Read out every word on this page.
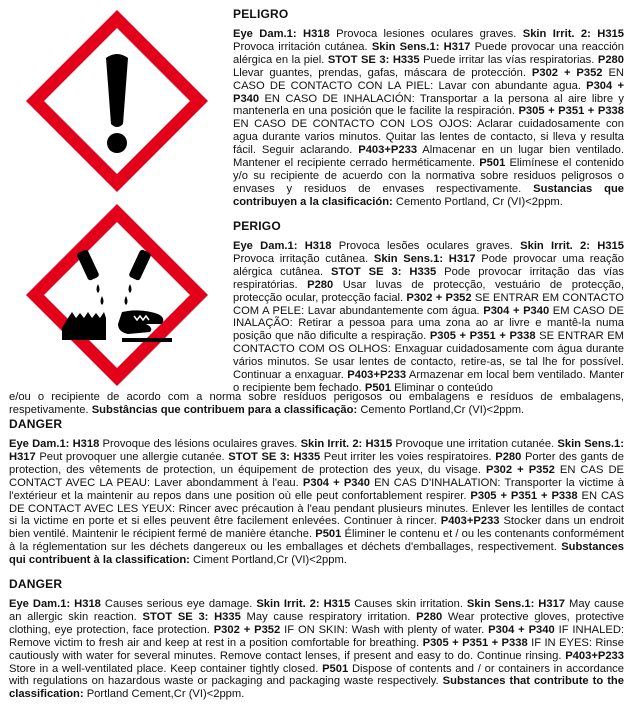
PELIGRO

Eye Dam.1: H318 Provoca lesiones oculares graves. Skin Irrit. 2: H315 Provoca irritación cutánea. Skin Sens.1: H317 Puede provocar una reacción alérgica en la piel. STOT SE 3: H335 Puede irritar las vías respiratorias. P280 Llevar guantes, prendas, gafas, máscara de protección. P302 + P352 EN CASO DE CONTACTO CON LA PIEL: Lavar con abundante agua. P304 + P340 EN CASO DE INHALACIÓN: Transportar a la persona al aire libre y mantenerla en una posición que le facilite la respiración. P305 + P351 + P338 EN CASO DE CONTACTO CON LOS OJOS: Aclarar cuidadosamente con agua durante varios minutos. Quitar las lentes de contacto, si lleva y resulta fácil. Seguir aclarando. P403+P233 Almacenar en un lugar bien ventilado. Mantener el recipiente cerrado herméticamente. P501 Elimínese el contenido y/o su recipiente de acuerdo con la normativa sobre residuos peligrosos o envases y residuos de envases respectivamente. Sustancias que contribuyen a la clasificación: Cemento Portland, Cr (VI)<2ppm.

PERIGO

Eye Dam.1: H318 Provoca lesões oculares graves. Skin Irrit. 2: H315 Provoca irritação cutânea. Skin Sens.1: H317 Pode provocar uma reação alérgica cutânea. STOT SE 3: H335 Pode provocar irritação das vías respiratórias. P280 Usar luvas de protecção, vestuário de protecção, protecção ocular, protecção facial. P302 + P352 SE ENTRAR EM CONTACTO COM A PELE: Lavar abundantemente com água. P304 + P340 EM CASO DE INALAÇÃO: Retirar a pessoa para uma zona ao ar livre e mantê-la numa posição que não dificulte a respiração. P305 + P351 + P338 SE ENTRAR EM CONTACTO COM OS OLHOS: Enxaguar cuidadosamente com água durante vários minutos. Se usar lentes de contacto, retire-as, se tal lhe for possível. Continuar a enxaguar. P403+P233 Armazenar em local bem ventilado. Manter o recipiente bem fechado. P501 Eliminar o conteúdo

e/ou o recipiente de acordo com a norma sobre resíduos perigosos ou embalagens e resíduos de embalagens, respetivamente. Substâncias que contribuem para a classificação: Cemento Portland,Cr (VI)<2ppm.

DANGER

Eye Dam.1: H318 Provoque des lésions oculaires graves. Skin Irrit. 2: H315 Provoque une irritation cutanée. Skin Sens.1: H317 Peut provoquer une allergie cutanée. STOT SE 3: H335 Peut irriter les voies respiratoires. P280 Porter des gants de protection, des vêtements de protection, un équipement de protection des yeux, du visage. P302 + P352 EN CAS DE CONTACT AVEC LA PEAU: Laver abondamment à l'eau. P304 + P340 EN CAS D'INHALATION: Transporter la victime à l'extérieur et la maintenir au repos dans une position où elle peut confortablement respirer. P305 + P351 + P338 EN CAS DE CONTACT AVEC LES YEUX: Rincer avec précaution à l'eau pendant plusieurs minutes. Enlever les lentilles de contact si la victime en porte et si elles peuvent être facilement enlevées. Continuer à rincer. P403+P233 Stocker dans un endroit bien ventilé. Maintenir le récipient fermé de manière étanche. P501 Éliminer le contenu et / ou les contenants conformément à la réglementation sur les déchets dangereux ou les emballages et déchets d'emballages, respectivement. Substances qui contribuent à la classification: Ciment Portland,Cr (VI)<2ppm.

DANGER

Eye Dam.1: H318 Causes serious eye damage. Skin Irrit. 2: H315 Causes skin irritation. Skin Sens.1: H317 May cause an allergic skin reaction. STOT SE 3: H335 May cause respiratory irritation. P280 Wear protective gloves, protective clothing, eye protection, face protection. P302 + P352 IF ON SKIN: Wash with plenty of water. P304 + P340 IF INHALED: Remove victim to fresh air and keep at rest in a position comfortable for breathing. P305 + P351 + P338 IF IN EYES: Rinse cautiously with water for several minutes. Remove contact lenses, if present and easy to do. Continue rinsing. P403+P233 Store in a well-ventilated place. Keep container tightly closed. P501 Dispose of contents and / or containers in accordance with regulations on hazardous waste or packaging and packaging waste respectively. Substances that contribute to the classification: Portland Cement,Cr (VI)<2ppm.
